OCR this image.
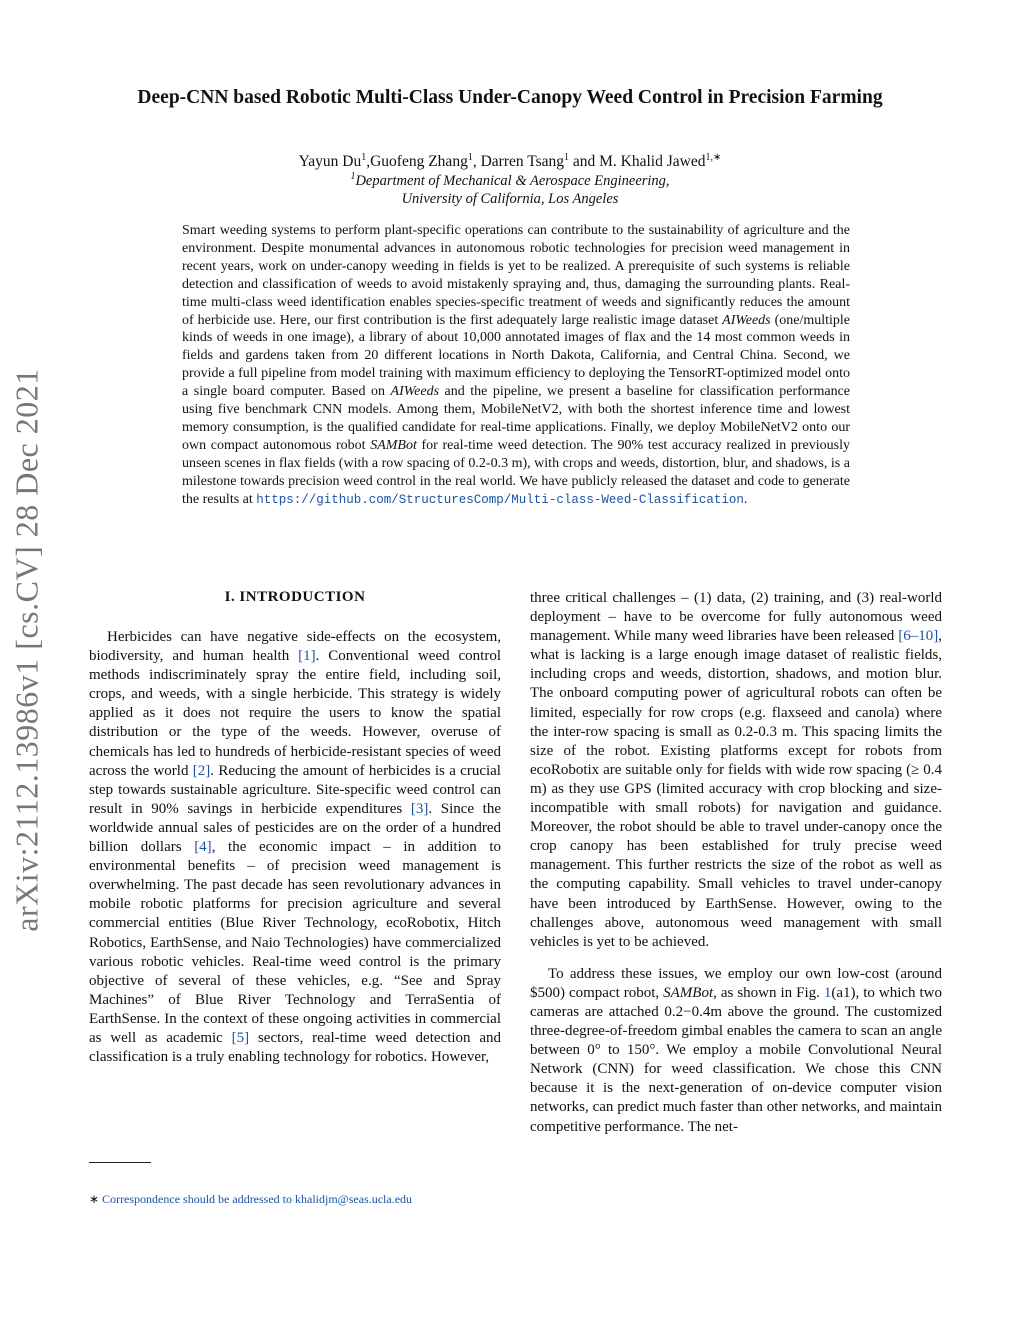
arXiv:2112.13986v1 [cs.CV] 28 Dec 2021
Deep-CNN based Robotic Multi-Class Under-Canopy Weed Control in Precision Farming
Yayun Du$^1$,Guofeng Zhang$^1$, Darren Tsang$^1$ and M. Khalid Jawed$^{1,∗}$
$^1$Department of Mechanical & Aerospace Engineering,
University of California, Los Angeles

Smart weeding systems to perform plant-specific operations can contribute to the sustainability of agriculture and the environment. Despite monumental advances in autonomous robotic technologies for precision weed management in recent years, work on under-canopy weeding in fields is yet to be realized. A prerequisite of such systems is reliable detection and classification of weeds to avoid mistakenly spraying and, thus, damaging the surrounding plants. Real-time multi-class weed identification enables species-specific treatment of weeds and significantly reduces the amount of herbicide use. Here, our first contribution is the first adequately large realistic image dataset AIWeeds (one/multiple kinds of weeds in one image), a library of about 10,000 annotated images of flax and the 14 most common weeds in fields and gardens taken from 20 different locations in North Dakota, California, and Central China. Second, we provide a full pipeline from model training with maximum efficiency to deploying the TensorRT-optimized model onto a single board computer. Based on AIWeeds and the pipeline, we present a baseline for classification performance using five benchmark CNN models. Among them, MobileNetV2, with both the shortest inference time and lowest memory consumption, is the qualified candidate for real-time applications. Finally, we deploy MobileNetV2 onto our own compact autonomous robot SAMBot for real-time weed detection. The 90% test accuracy realized in previously unseen scenes in flax fields (with a row spacing of 0.2-0.3 m), with crops and weeds, distortion, blur, and shadows, is a milestone towards precision weed control in the real world. We have publicly released the dataset and code to generate the results at https://github.com/StructuresComp/Multi-class-Weed-Classification.

I. INTRODUCTION

Herbicides can have negative side-effects on the ecosystem, biodiversity, and human health [1]. Conventional weed control methods indiscriminately spray the entire field, including soil, crops, and weeds, with a single herbicide. This strategy is widely applied as it does not require the users to know the spatial distribution or the type of the weeds. However, overuse of chemicals has led to hundreds of herbicide-resistant species of weed across the world [2]. Reducing the amount of herbicides is a crucial step towards sustainable agriculture. Site-specific weed control can result in 90% savings in herbicide expenditures [3]. Since the worldwide annual sales of pesticides are on the order of a hundred billion dollars [4], the economic impact – in addition to environmental benefits – of precision weed management is overwhelming. The past decade has seen revolutionary advances in mobile robotic platforms for precision agriculture and several commercial entities (Blue River Technology, ecoRobotix, Hitch Robotics, EarthSense, and Naio Technologies) have commercialized various robotic vehicles. Real-time weed control is the primary objective of several of these vehicles, e.g. “See and Spray Machines” of Blue River Technology and TerraSentia of EarthSense. In the context of these ongoing activities in commercial as well as academic [5] sectors, real-time weed detection and classification is a truly enabling technology for robotics. However,

three critical challenges – (1) data, (2) training, and (3) real-world deployment – have to be overcome for fully autonomous weed management. While many weed libraries have been released [6–10], what is lacking is a large enough image dataset of realistic fields, including crops and weeds, distortion, shadows, and motion blur. The onboard computing power of agricultural robots can often be limited, especially for row crops (e.g. flaxseed and canola) where the inter-row spacing is small as 0.2-0.3 m. This spacing limits the size of the robot. Existing platforms except for robots from ecoRobotix are suitable only for fields with wide row spacing (≥ 0.4 m) as they use GPS (limited accuracy with crop blocking and size-incompatible with small robots) for navigation and guidance. Moreover, the robot should be able to travel under-canopy once the crop canopy has been established for truly precise weed management. This further restricts the size of the robot as well as the computing capability. Small vehicles to travel under-canopy have been introduced by EarthSense. However, owing to the challenges above, autonomous weed management with small vehicles is yet to be achieved.

To address these issues, we employ our own low-cost (around $500) compact robot, SAMBot, as shown in Fig. 1(a1), to which two cameras are attached 0.2−0.4m above the ground. The customized three-degree-of-freedom gimbal enables the camera to scan an angle between 0° to 150°. We employ a mobile Convolutional Neural Network (CNN) for weed classification. We chose this CNN because it is the next-generation of on-device computer vision networks, can predict much faster than other networks, and maintain competitive performance. The net-

∗ Correspondence should be addressed to khalidjm@seas.ucla.edu
